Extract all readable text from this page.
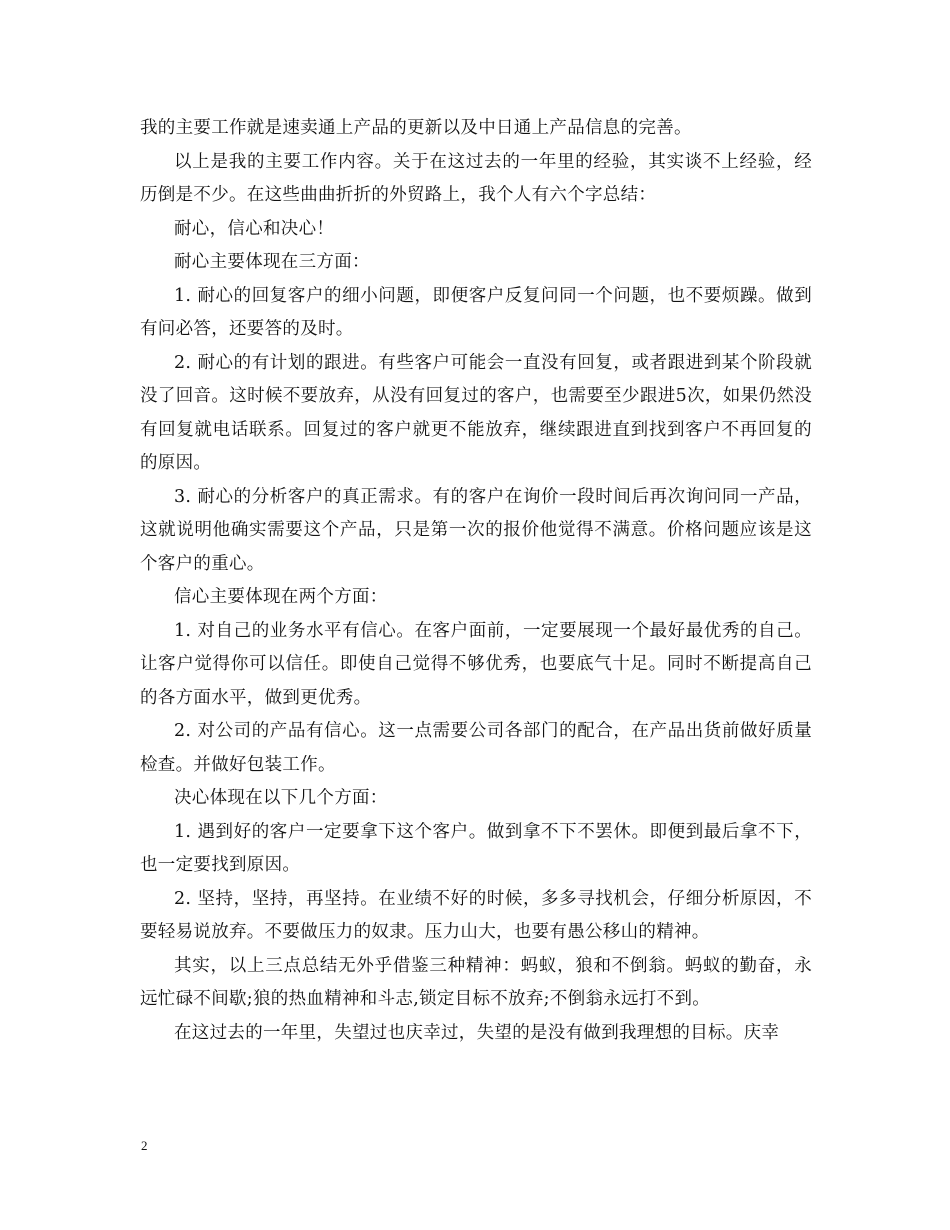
我的主要工作就是速卖通上产品的更新以及中日通上产品信息的完善。

以上是我的主要工作内容。关于在这过去的一年里的经验，其实谈不上经验，经历倒是不少。在这些曲曲折折的外贸路上，我个人有六个字总结：

耐心，信心和决心！

耐心主要体现在三方面：

1. 耐心的回复客户的细小问题，即便客户反复问同一个问题，也不要烦躁。做到有问必答，还要答的及时。

2. 耐心的有计划的跟进。有些客户可能会一直没有回复，或者跟进到某个阶段就没了回音。这时候不要放弃，从没有回复过的客户，也需要至少跟进5次，如果仍然没有回复就电话联系。回复过的客户就更不能放弃，继续跟进直到找到客户不再回复的的原因。

3. 耐心的分析客户的真正需求。有的客户在询价一段时间后再次询问同一产品，这就说明他确实需要这个产品，只是第一次的报价他觉得不满意。价格问题应该是这个客户的重心。

信心主要体现在两个方面：

1. 对自己的业务水平有信心。在客户面前，一定要展现一个最好最优秀的自己。让客户觉得你可以信任。即使自己觉得不够优秀，也要底气十足。同时不断提高自己的各方面水平，做到更优秀。

2. 对公司的产品有信心。这一点需要公司各部门的配合，在产品出货前做好质量检查。并做好包装工作。

决心体现在以下几个方面：

1. 遇到好的客户一定要拿下这个客户。做到拿不下不罢休。即便到最后拿不下，也一定要找到原因。

2. 坚持，坚持，再坚持。在业绩不好的时候，多多寻找机会，仔细分析原因，不要轻易说放弃。不要做压力的奴隶。压力山大，也要有愚公移山的精神。

其实，以上三点总结无外乎借鉴三种精神：蚂蚁，狼和不倒翁。蚂蚁的勤奋，永远忙碌不间歇;狼的热血精神和斗志,锁定目标不放弃;不倒翁永远打不到。

在这过去的一年里，失望过也庆幸过，失望的是没有做到我理想的目标。庆幸

2
